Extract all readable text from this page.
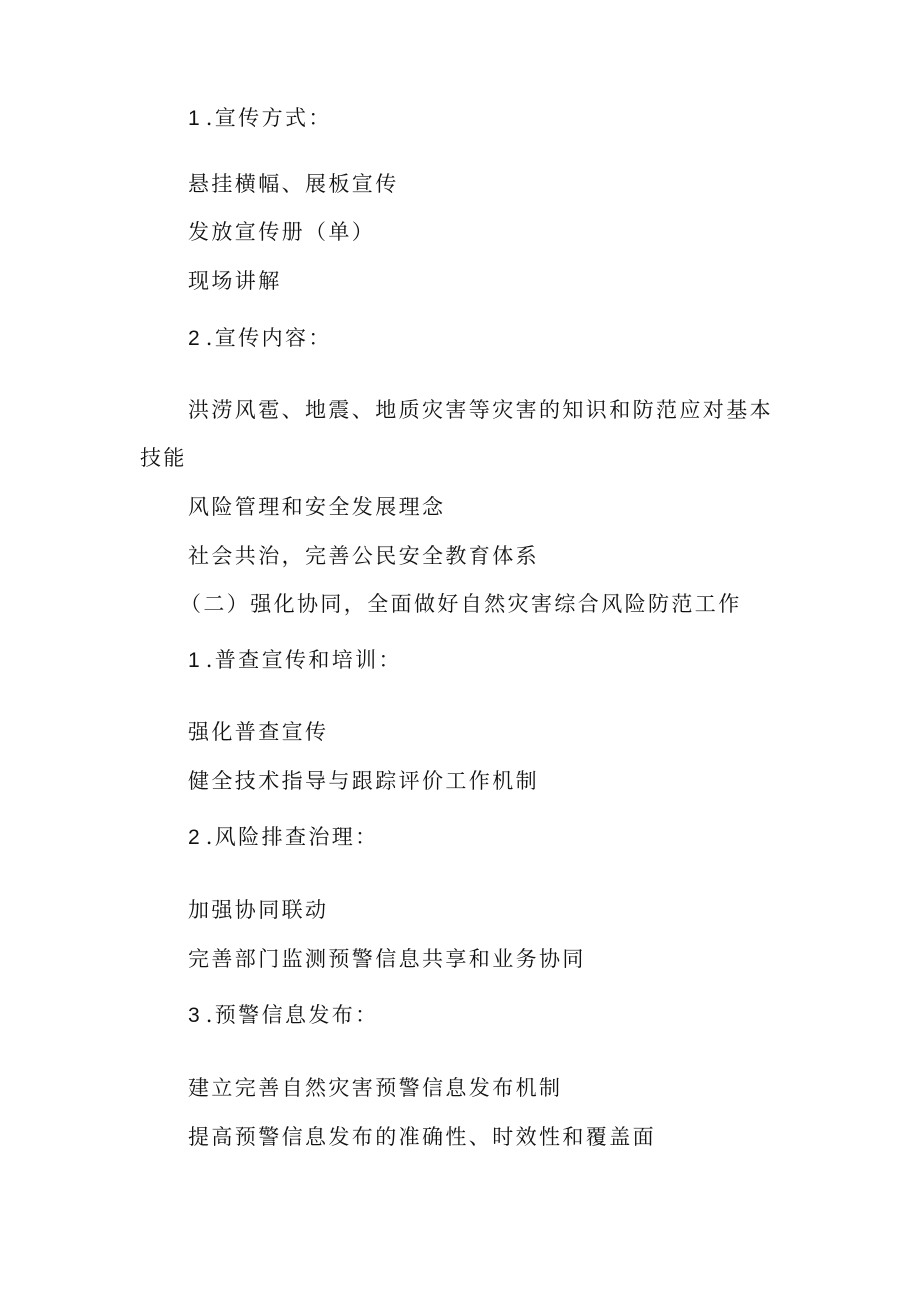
1 .宣传方式：
悬挂横幅、展板宣传
发放宣传册（单）
现场讲解
2 .宣传内容：
洪涝风雹、地震、地质灾害等灾害的知识和防范应对基本
技能
风险管理和安全发展理念
社会共治，完善公民安全教育体系
（二）强化协同，全面做好自然灾害综合风险防范工作
1 .普查宣传和培训：
强化普查宣传
健全技术指导与跟踪评价工作机制
2 .风险排查治理：
加强协同联动
完善部门监测预警信息共享和业务协同
3 .预警信息发布：
建立完善自然灾害预警信息发布机制
提高预警信息发布的准确性、时效性和覆盖面
